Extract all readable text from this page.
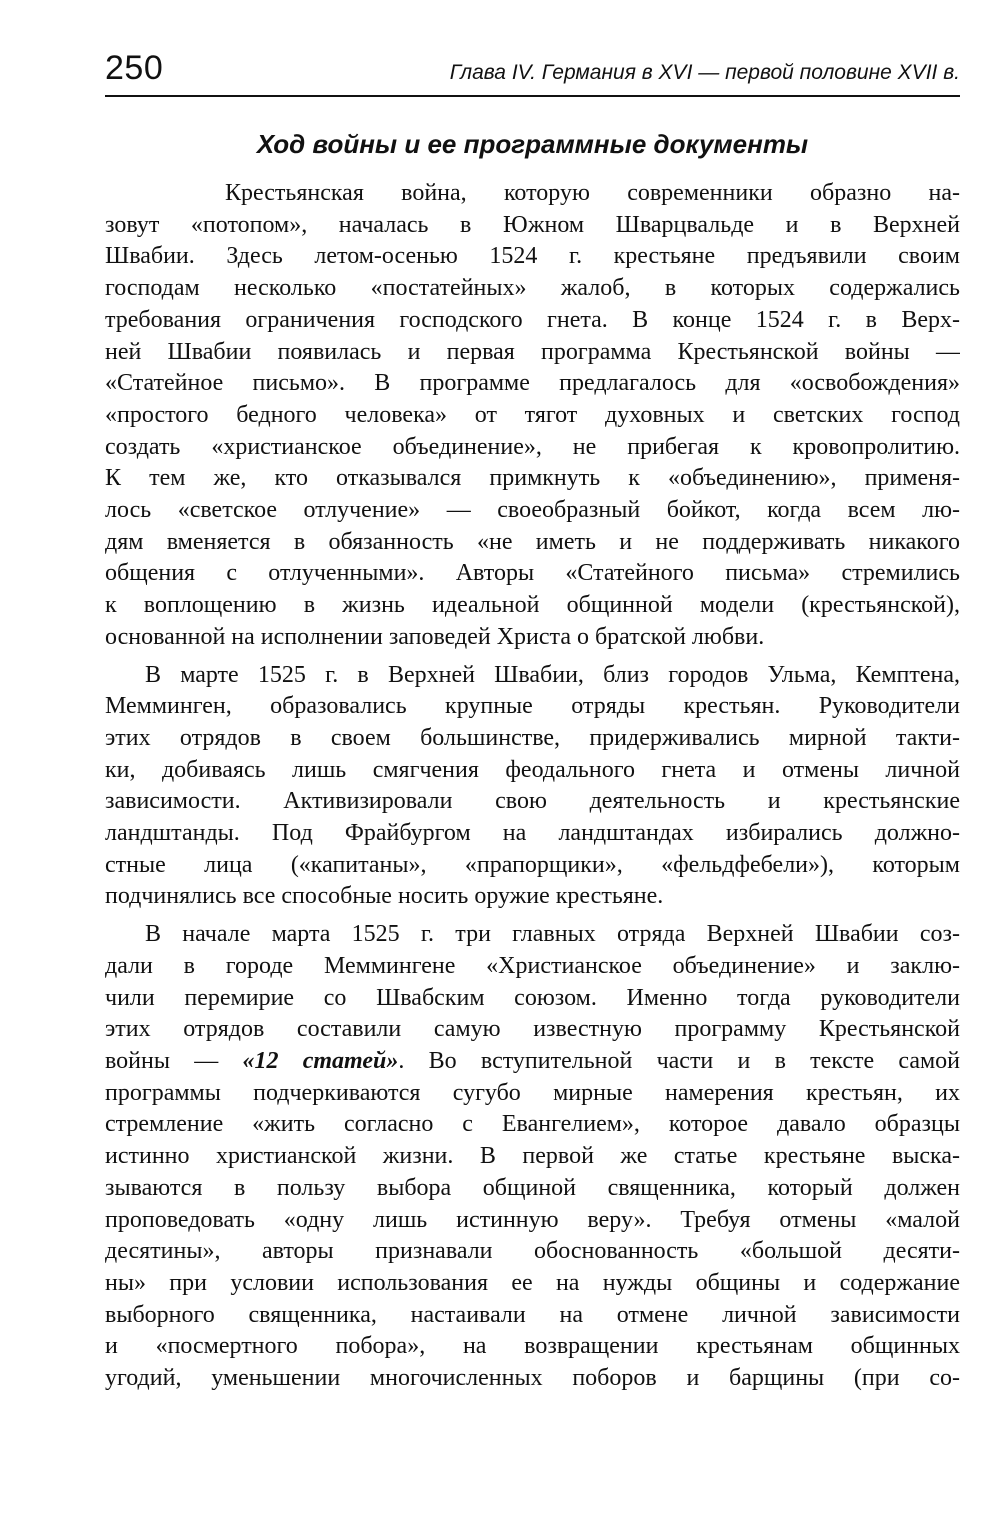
250	Глава IV. Германия в XVI — первой половине XVII в.
Ход войны и ее программные документы

Крестьянская война, которую современники образно на-
зовут «потопом», началась в Южном Шварцвальде и в Верхней
Швабии. Здесь летом-осенью 1524 г. крестьяне предъявили своим
господам несколько «постатейных» жалоб, в которых содержались
требования ограничения господского гнета. В конце 1524 г. в Верх-
ней Швабии появилась и первая программа Крестьянской войны —
«Статейное письмо». В программе предлагалось для «освобождения»
«простого бедного человека» от тягот духовных и светских господ
создать «христианское объединение», не прибегая к кровопролитию.
К тем же, кто отказывался примкнуть к «объединению», применя-
лось «светское отлучение» — своеобразный бойкот, когда всем лю-
дям вменяется в обязанность «не иметь и не поддерживать никакого
общения с отлученными». Авторы «Статейного письма» стремились
к воплощению в жизнь идеальной общинной модели (крестьянской),
основанной на исполнении заповедей Христа о братской любви.

В марте 1525 г. в Верхней Швабии, близ городов Ульма, Кемптена,
Мемминген, образовались крупные отряды крестьян. Руководители
этих отрядов в своем большинстве, придерживались мирной такти-
ки, добиваясь лишь смягчения феодального гнета и отмены личной
зависимости. Активизировали свою деятельность и крестьянские
ландштанды. Под Фрайбургом на ландштандах избирались должно-
стные лица («капитаны», «прапорщики», «фельдфебели»), которым
подчинялись все способные носить оружие крестьяне.

В начале марта 1525 г. три главных отряда Верхней Швабии соз-
дали в городе Меммингене «Христианское объединение» и заклю-
чили перемирие со Швабским союзом. Именно тогда руководители
этих отрядов составили самую известную программу Крестьянской
войны — «12 статей». Во вступительной части и в тексте самой
программы подчеркиваются сугубо мирные намерения крестьян, их
стремление «жить согласно с Евангелием», которое давало образцы
истинно христианской жизни. В первой же статье крестьяне выска-
зываются в пользу выбора общиной священника, который должен
проповедовать «одну лишь истинную веру». Требуя отмены «малой
десятины», авторы признавали обоснованность «большой десяти-
ны» при условии использования ее на нужды общины и содержание
выборного священника, настаивали на отмене личной зависимости
и «посмертного побора», на возвращении крестьянам общинных
угодий, уменьшении многочисленных поборов и барщины (при со-
